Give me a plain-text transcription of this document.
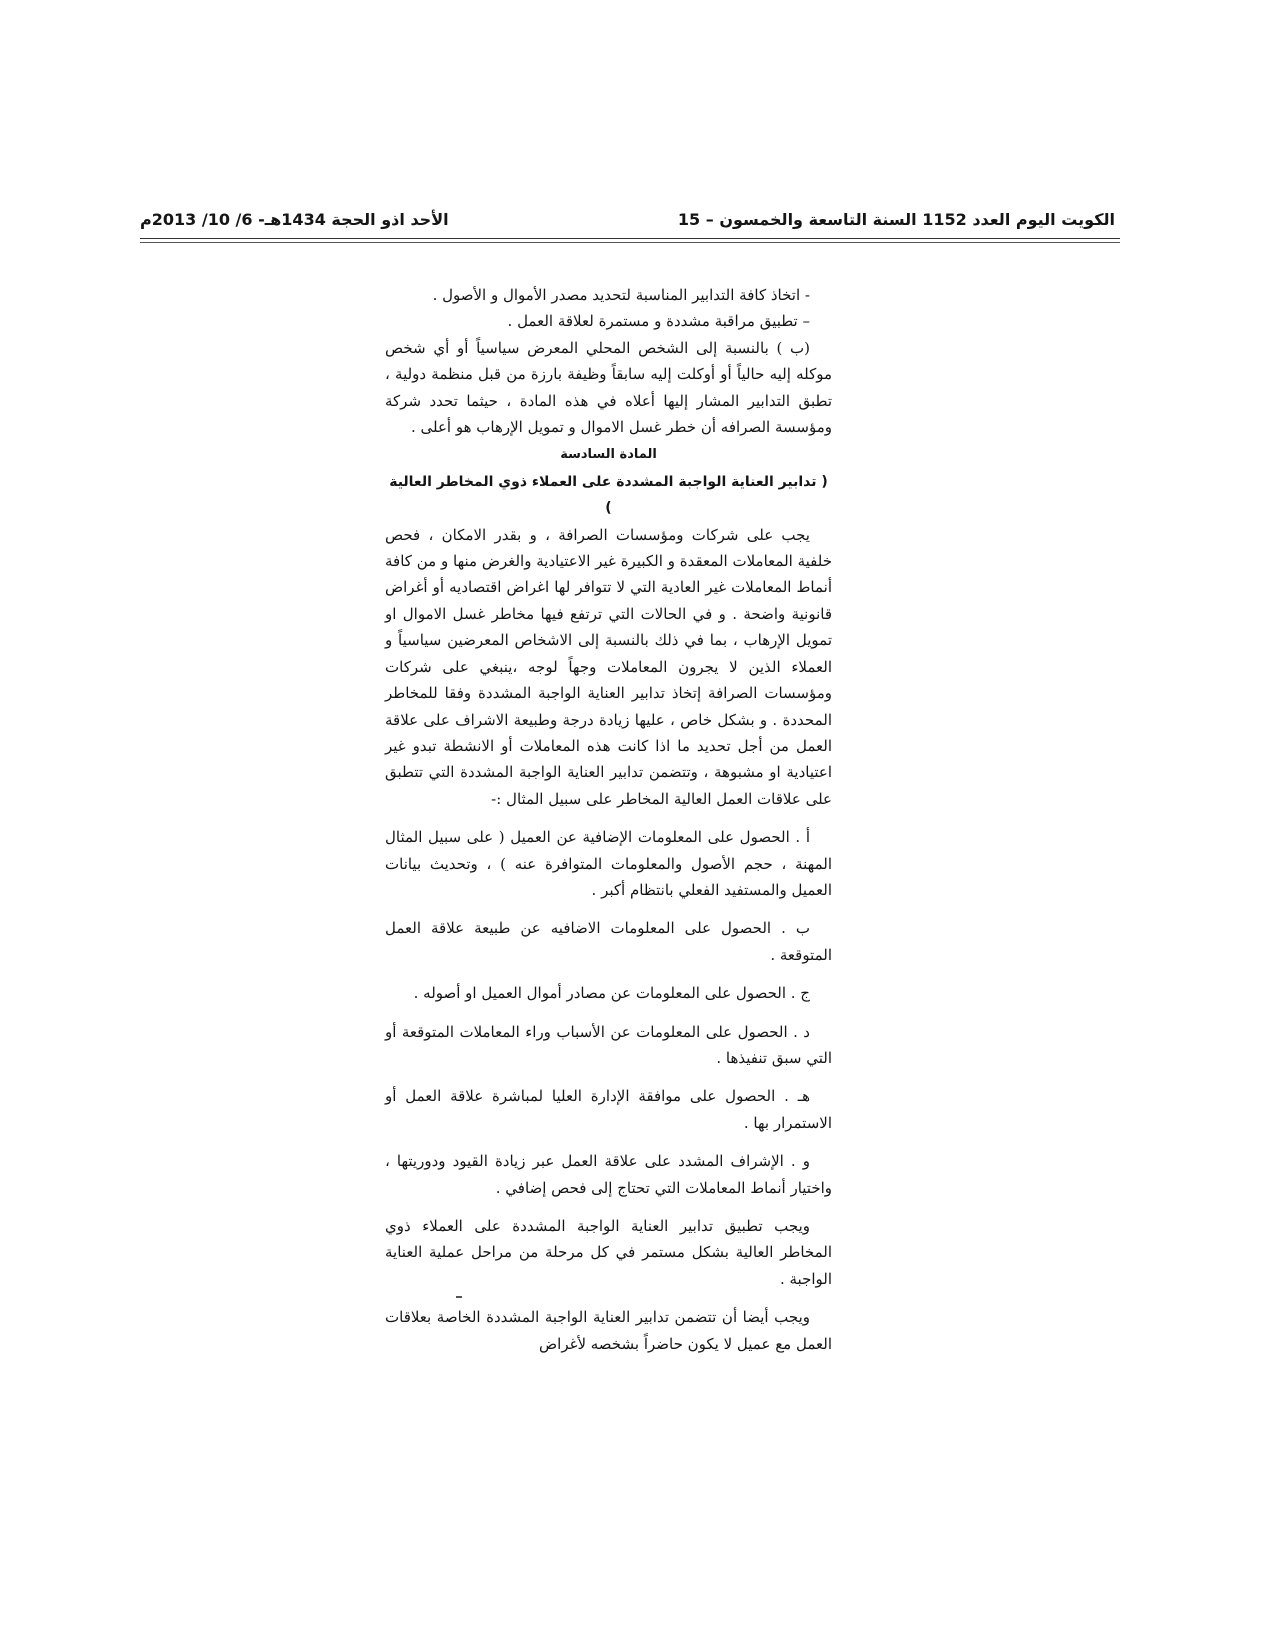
الكويت اليوم العدد 1152 السنة التاسعة والخمسون – 15
الأحد اذو الحجة 1434هـ- 6/ 10/ 2013م

- اتخاذ كافة التدابير المناسبة لتحديد مصدر الأموال و الأصول .

– تطبيق مراقبة مشددة و مستمرة لعلاقة العمل .

(ب ) بالنسبة إلى الشخص المحلي المعرض سياسياً أو أي شخص موكله إليه حالياً أو أوكلت إليه سابقاً وظيفة بارزة من قبل منظمة دولية ، تطبق التدابير المشار إليها أعلاه في هذه المادة ، حيثما تحدد شركة ومؤسسة الصرافه أن خطر غسل الاموال و تمويل الإرهاب هو أعلى .

المادة السادسة

( تدابير العناية الواجبة المشددة على العملاء ذوي المخاطر العالية )

يجب على شركات ومؤسسات الصرافة ، و بقدر الامكان ، فحص خلفية المعاملات المعقدة و الكبيرة غير الاعتيادية والغرض منها و من كافة أنماط المعاملات غير العادية التي لا تتوافر لها اغراض اقتصاديه أو أغراض قانونية واضحة . و في الحالات التي ترتفع فيها مخاطر غسل الاموال او تمويل الإرهاب ، بما في ذلك بالنسبة إلى الاشخاص المعرضين سياسياً و العملاء الذين لا يجرون المعاملات وجهاً لوجه ،ينبغي على شركات ومؤسسات الصرافة إتخاذ تدابير العناية الواجبة المشددة وفقا للمخاطر المحددة . و بشكل خاص ، عليها زيادة درجة وطبيعة الاشراف على علاقة العمل من أجل تحديد ما اذا كانت هذه المعاملات أو الانشطة تبدو غير اعتيادية او مشبوهة ، وتتضمن تدابير العناية الواجبة المشددة التي تتطبق على علاقات العمل العالية المخاطر على سبيل المثال :-

أ . الحصول على المعلومات الإضافية عن العميل ( على سبيل المثال المهنة ، حجم الأصول والمعلومات المتوافرة عنه ) ، وتحديث بيانات العميل والمستفيد الفعلي بانتظام أكبر .

ب . الحصول على المعلومات الاضافيه عن طبيعة علاقة العمل المتوقعة .

ج . الحصول على المعلومات عن مصادر أموال العميل او أصوله .

د . الحصول على المعلومات عن الأسباب وراء المعاملات المتوقعة أو التي سبق تنفيذها .

هـ . الحصول على موافقة الإدارة العليا لمباشرة علاقة العمل أو الاستمرار بها .

و . الإشراف المشدد على علاقة العمل عبر زيادة القيود ودوريتها ، واختيار أنماط المعاملات التي تحتاج إلى فحص إضافي .

ويجب تطبيق تدابير العناية الواجبة المشددة على العملاء ذوي المخاطر العالية بشكل مستمر في كل مرحلة من مراحل عملية العناية الواجبة .

ويجب أيضا أن تتضمن تدابير العناية الواجبة المشددة الخاصة بعلاقات العمل مع عميل لا يكون حاضراً بشخصه لأغراض
